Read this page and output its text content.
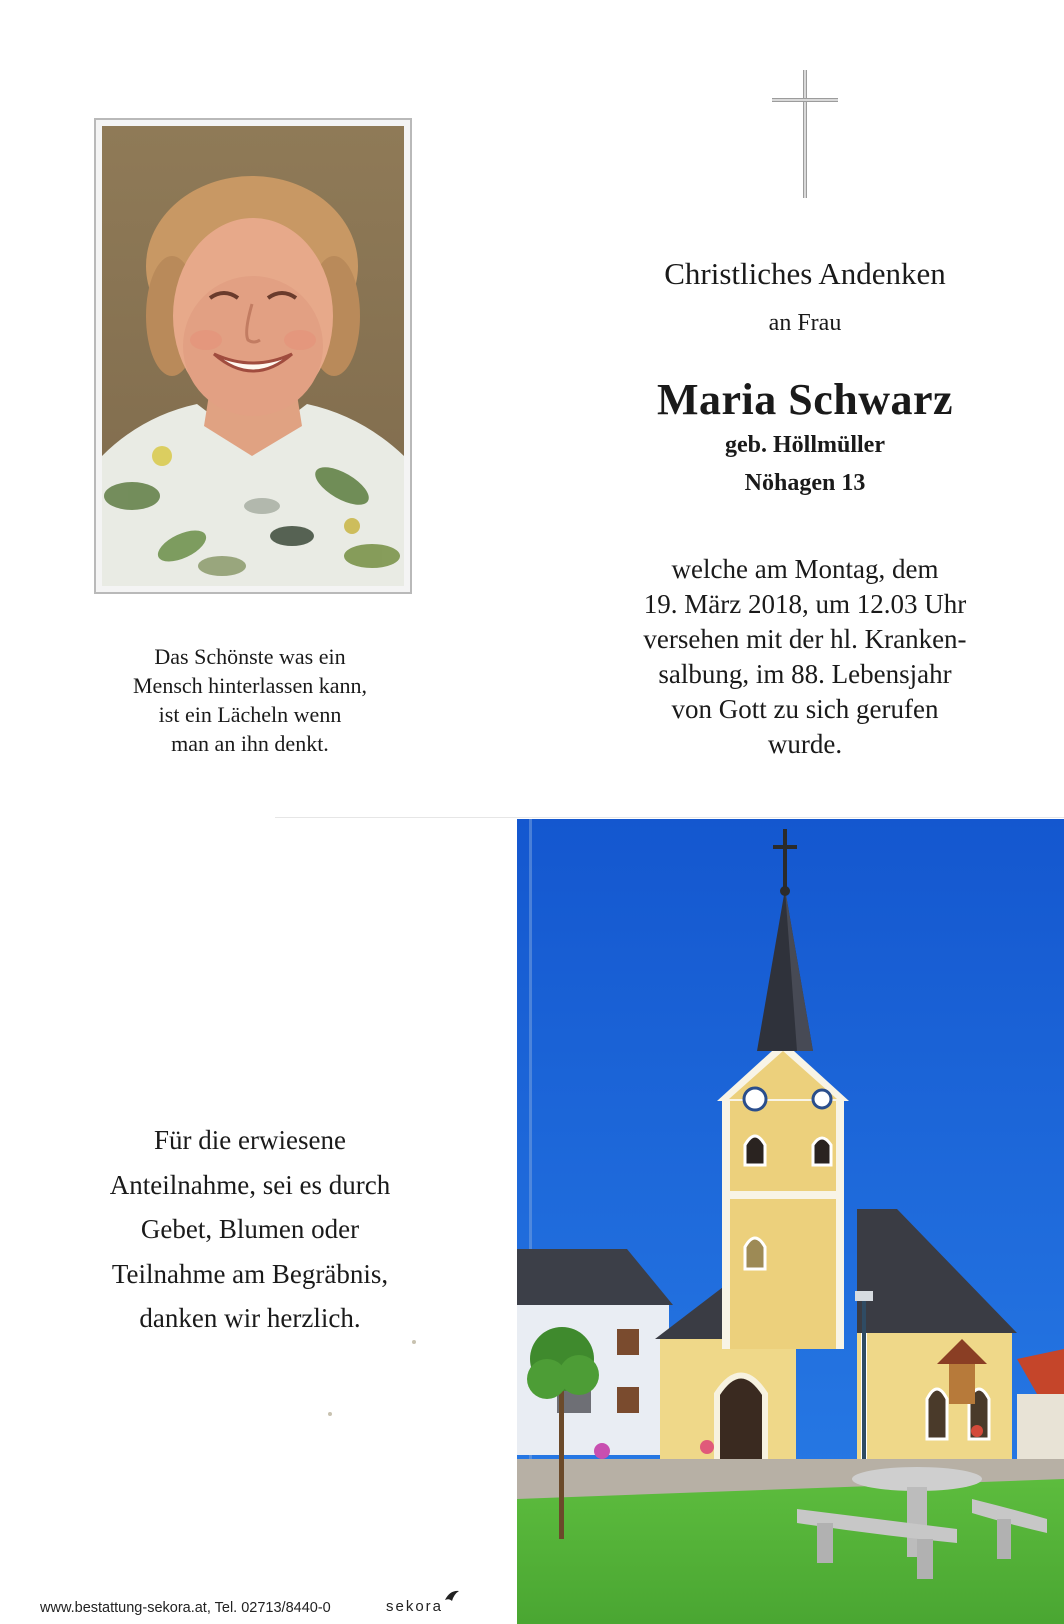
Christliches Andenken
an Frau
Maria Schwarz
geb. Höllmüller
Nöhagen 13
welche am Montag, dem
19. März 2018, um 12.03 Uhr
versehen mit der hl. Kranken-
salbung, im 88. Lebensjahr
von Gott zu sich gerufen
wurde.
Das Schönste was ein
Mensch hinterlassen kann,
ist ein Lächeln wenn
man an ihn denkt.
Für die erwiesene
Anteilnahme, sei es durch
Gebet, Blumen oder
Teilnahme am Begräbnis,
danken wir herzlich.
www.bestattung-sekora.at, Tel. 02713/8440-0	sekora
